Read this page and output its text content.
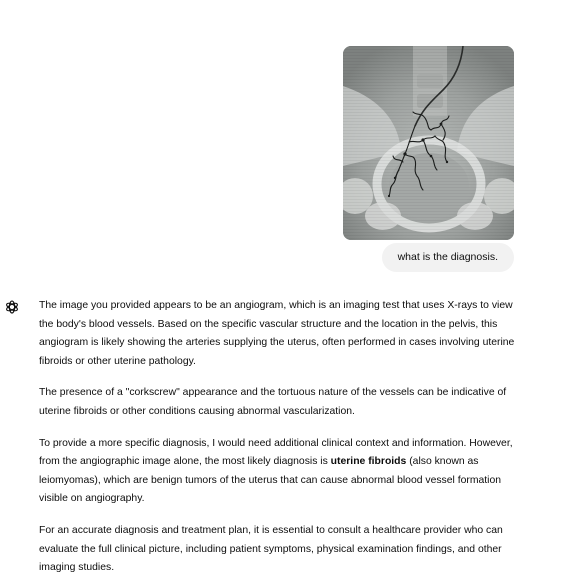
what is the diagnosis.

The image you provided appears to be an angiogram, which is an imaging test that uses X-rays to view the body's blood vessels. Based on the specific vascular structure and the location in the pelvis, this angiogram is likely showing the arteries supplying the uterus, often performed in cases involving uterine fibroids or other uterine pathology.

The presence of a "corkscrew" appearance and the tortuous nature of the vessels can be indicative of uterine fibroids or other conditions causing abnormal vascularization.

To provide a more specific diagnosis, I would need additional clinical context and information. However, from the angiographic image alone, the most likely diagnosis is uterine fibroids (also known as leiomyomas), which are benign tumors of the uterus that can cause abnormal blood vessel formation visible on angiography.

For an accurate diagnosis and treatment plan, it is essential to consult a healthcare provider who can evaluate the full clinical picture, including patient symptoms, physical examination findings, and other imaging studies.
